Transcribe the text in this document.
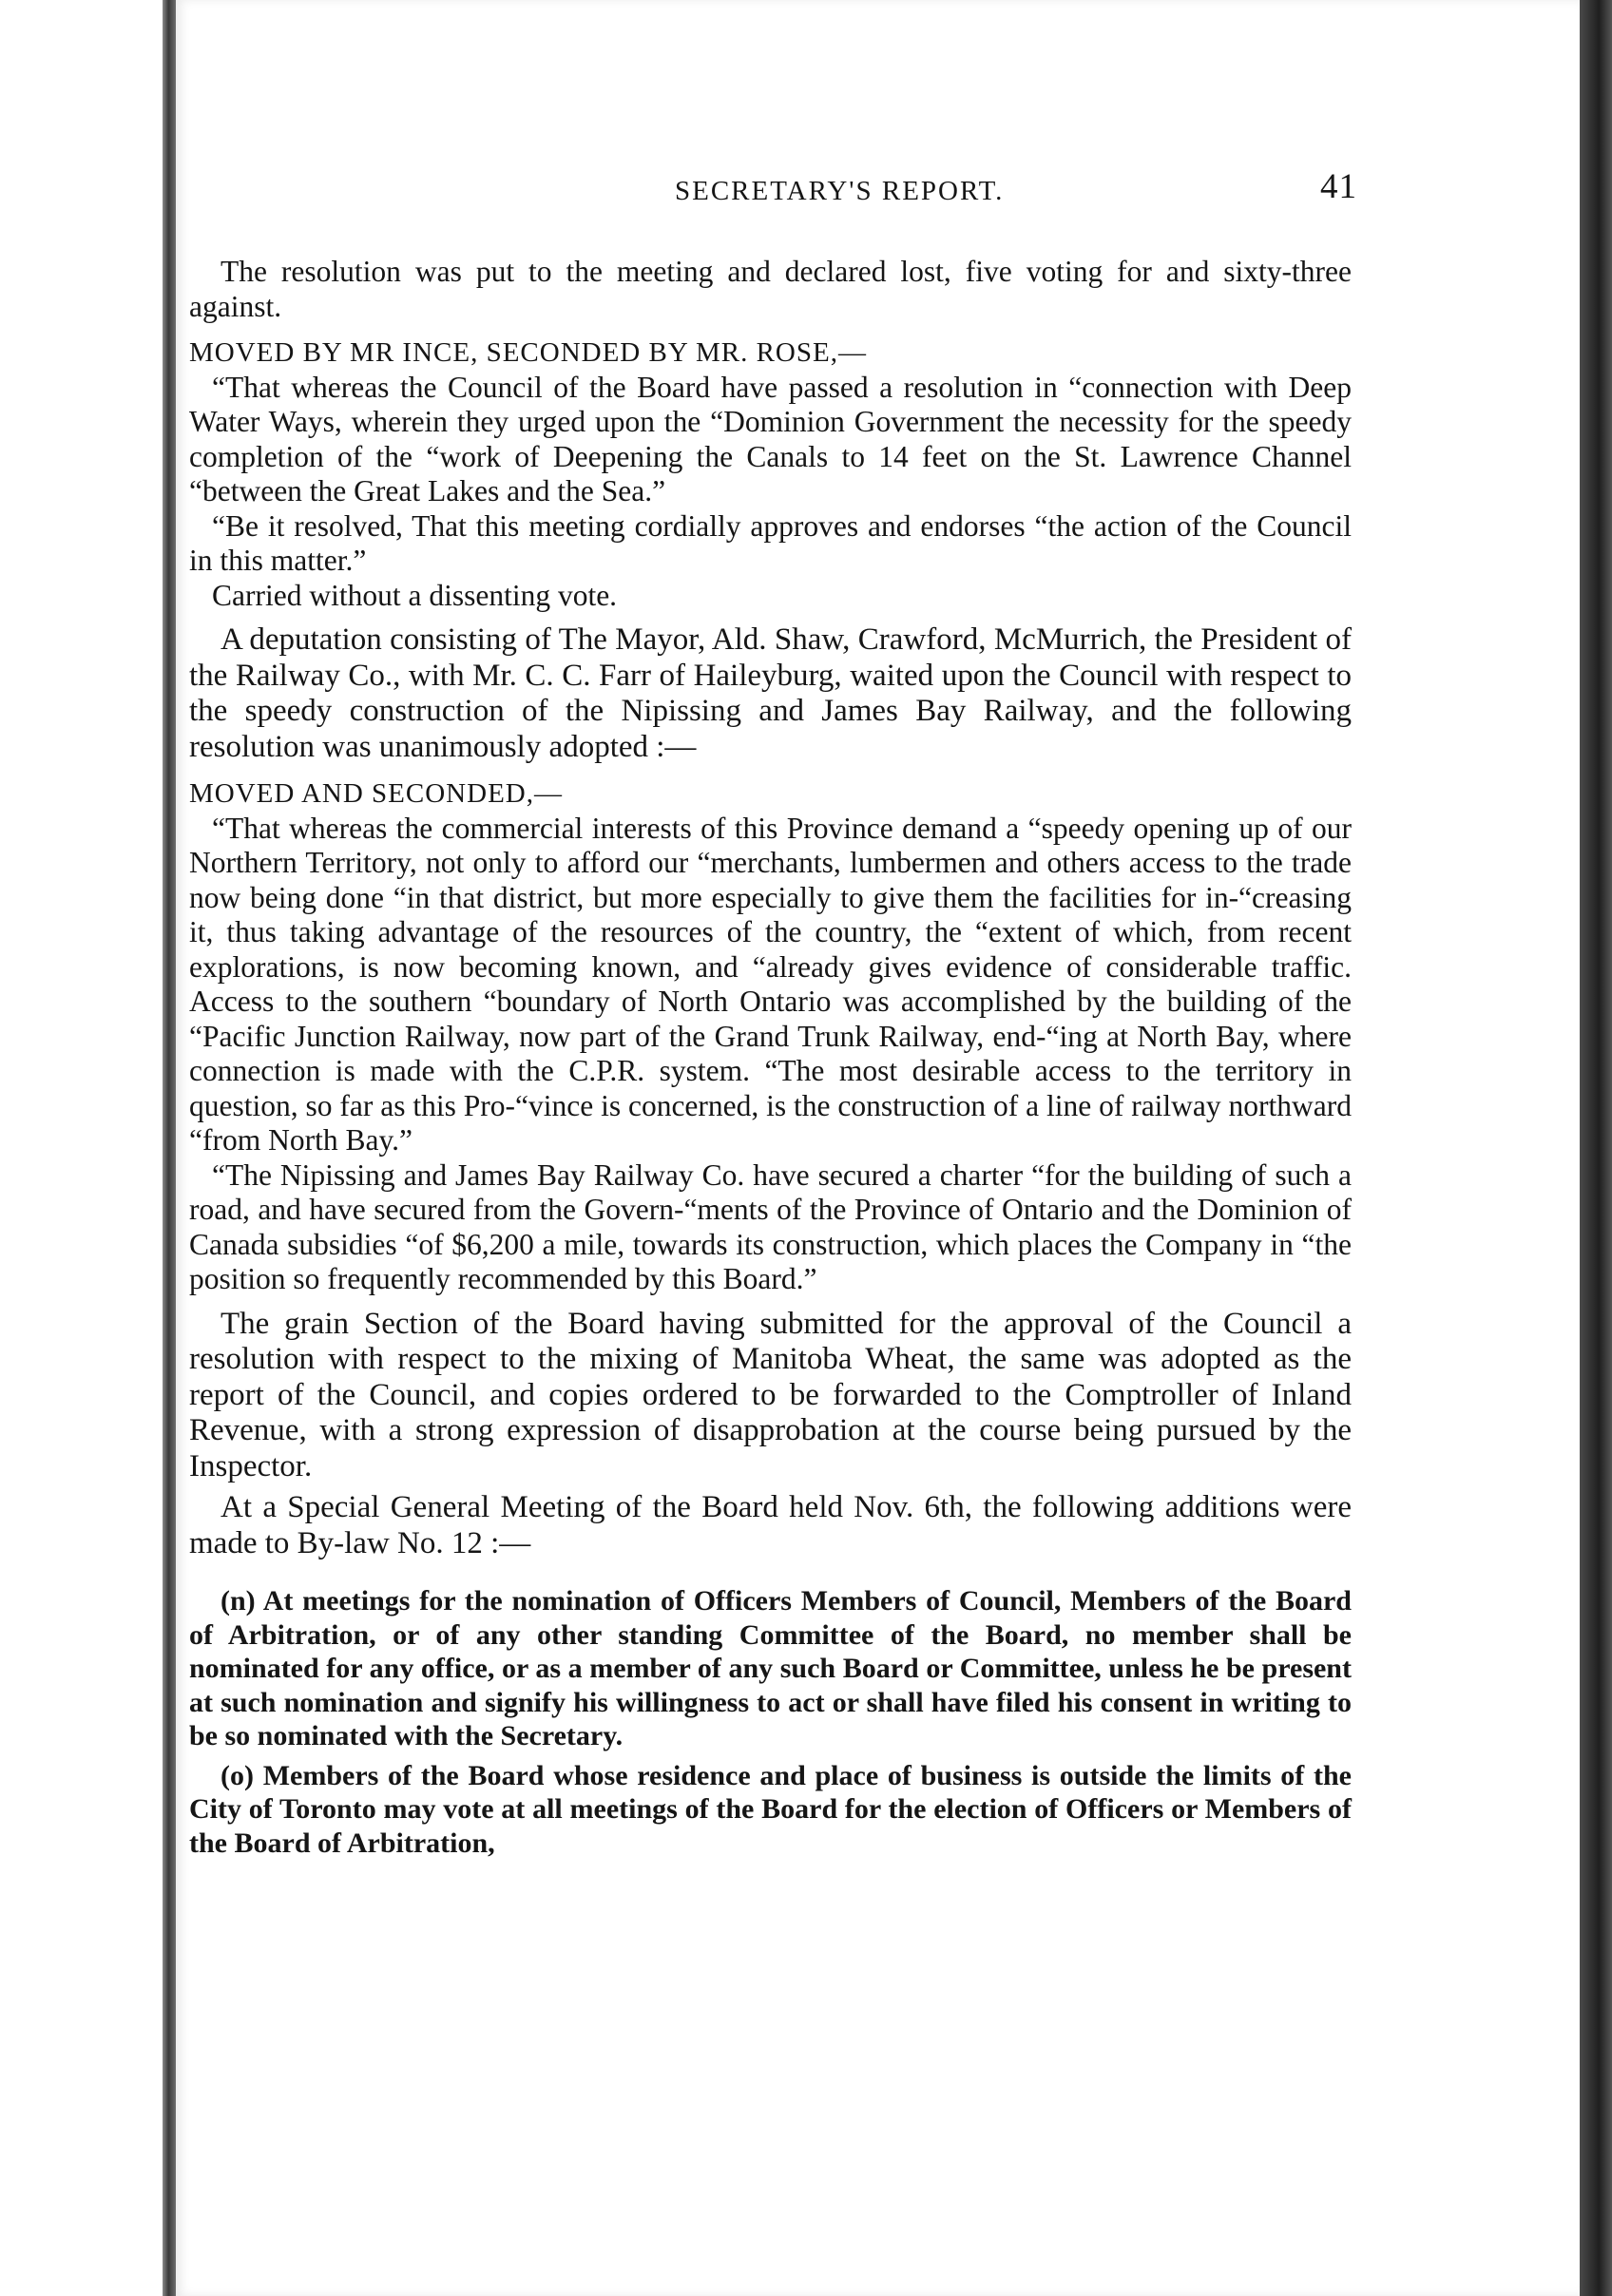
SECRETARY'S REPORT.	41

The resolution was put to the meeting and declared lost, five voting for and sixty-three against.

MOVED BY MR INCE, SECONDED BY MR. ROSE,—

“That whereas the Council of the Board have passed a resolution in “connection with Deep Water Ways, wherein they urged upon the “Dominion Government the necessity for the speedy completion of the “work of Deepening the Canals to 14 feet on the St. Lawrence Channel “between the Great Lakes and the Sea.”

“Be it resolved, That this meeting cordially approves and endorses “the action of the Council in this matter.”

Carried without a dissenting vote.

A deputation consisting of The Mayor, Ald. Shaw, Crawford, McMurrich, the President of the Railway Co., with Mr. C. C. Farr of Haileyburg, waited upon the Council with respect to the speedy construction of the Nipissing and James Bay Railway, and the following resolution was unanimously adopted :—

MOVED AND SECONDED,—

“That whereas the commercial interests of this Province demand a “speedy opening up of our Northern Territory, not only to afford our “merchants, lumbermen and others access to the trade now being done “in that district, but more especially to give them the facilities for in-“creasing it, thus taking advantage of the resources of the country, the “extent of which, from recent explorations, is now becoming known, and “already gives evidence of considerable traffic. Access to the southern “boundary of North Ontario was accomplished by the building of the “Pacific Junction Railway, now part of the Grand Trunk Railway, end-“ing at North Bay, where connection is made with the C.P.R. system. “The most desirable access to the territory in question, so far as this Pro-“vince is concerned, is the construction of a line of railway northward “from North Bay.”

“The Nipissing and James Bay Railway Co. have secured a charter “for the building of such a road, and have secured from the Govern-“ments of the Province of Ontario and the Dominion of Canada subsidies “of $6,200 a mile, towards its construction, which places the Company in “the position so frequently recommended by this Board.”

The grain Section of the Board having submitted for the approval of the Council a resolution with respect to the mixing of Manitoba Wheat, the same was adopted as the report of the Council, and copies ordered to be forwarded to the Comptroller of Inland Revenue, with a strong expression of disapprobation at the course being pursued by the Inspector.

At a Special General Meeting of the Board held Nov. 6th, the following additions were made to By-law No. 12 :—

(n) At meetings for the nomination of Officers Members of Council, Members of the Board of Arbitration, or of any other standing Committee of the Board, no member shall be nominated for any office, or as a member of any such Board or Committee, unless he be present at such nomination and signify his willingness to act or shall have filed his consent in writing to be so nominated with the Secretary.

(o) Members of the Board whose residence and place of business is outside the limits of the City of Toronto may vote at all meetings of the Board for the election of Officers or Members of the Board of Arbitration,
